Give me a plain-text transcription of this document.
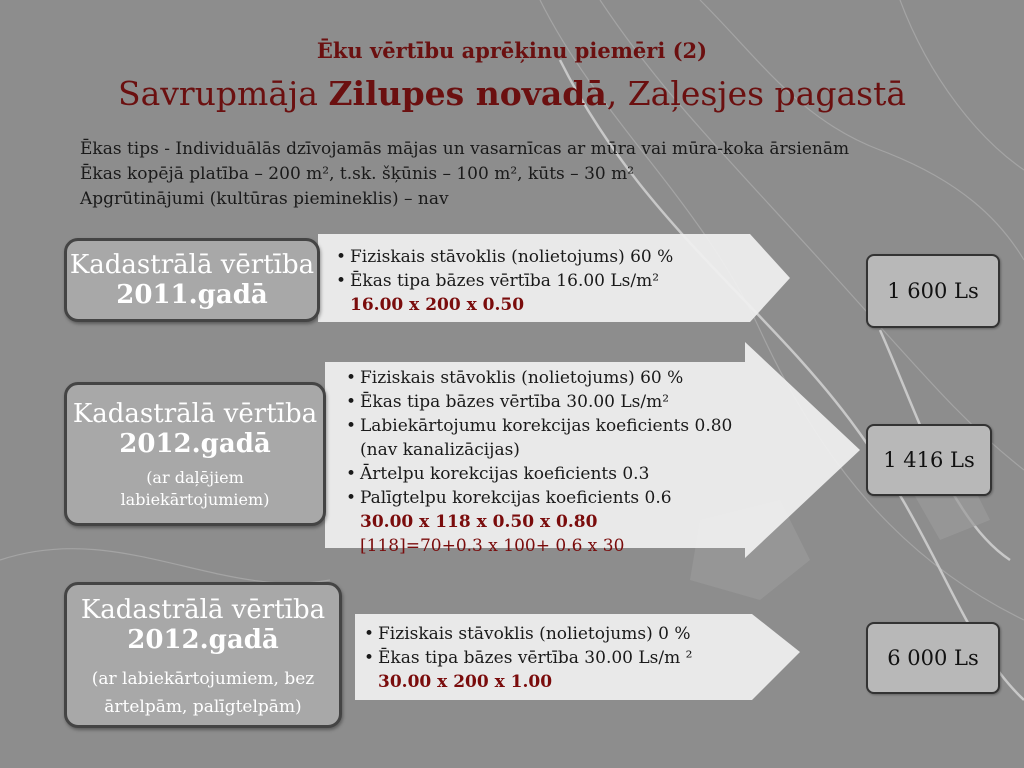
Ēku vērtību aprēķinu piemēri (2)
Savrupmāja Zilupes novadā, Zaļesjes pagastā
Ēkas tips - Individuālās dzīvojamās mājas un vasarnīcas ar mūra vai mūra-koka ārsienām
Ēkas kopējā platība – 200 m², t.sk. šķūnis – 100 m², kūts – 30 m²
Apgrūtinājumi (kultūras piemineklis) – nav
Kadastrālā vērtība
2011.gadā
• Fiziskais stāvoklis (nolietojums) 60 %
• Ēkas tipa bāzes vērtība 16.00 Ls/m²
16.00 x 200 x 0.50
1 600 Ls
Kadastrālā vērtība
2012.gadā
(ar daļējiem labiekārtojumiem)
• Fiziskais stāvoklis (nolietojums) 60 %
• Ēkas tipa bāzes vērtība 30.00 Ls/m²
• Labiekārtojumu korekcijas koeficients 0.80 (nav kanalizācijas)
• Ārtelpu korekcijas koeficients 0.3
• Palīgtelpu korekcijas koeficients 0.6
30.00 x 118 x 0.50 x 0.80
[118]=70+0.3 x 100+ 0.6 x 30
1 416 Ls
Kadastrālā vērtība
2012.gadā
(ar labiekārtojumiem, bez ārtelpām, palīgtelpām)
• Fiziskais stāvoklis (nolietojums) 0 %
• Ēkas tipa bāzes vērtība 30.00 Ls/m ²
30.00 x 200 x 1.00
6 000 Ls
